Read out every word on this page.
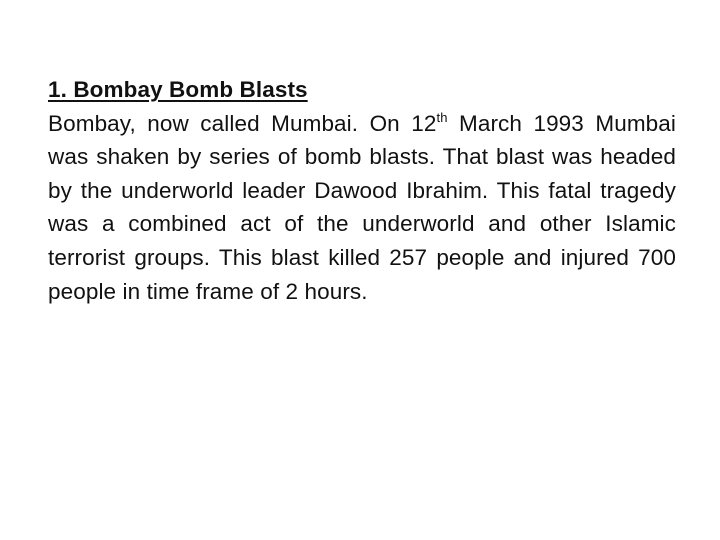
1. Bombay Bomb Blasts

Bombay, now called Mumbai. On 12th March 1993 Mumbai was shaken by series of bomb blasts. That blast was headed by the underworld leader Dawood Ibrahim. This fatal tragedy was a combined act of the underworld and other Islamic terrorist groups. This blast killed 257 people and injured 700 people in time frame of 2 hours.
